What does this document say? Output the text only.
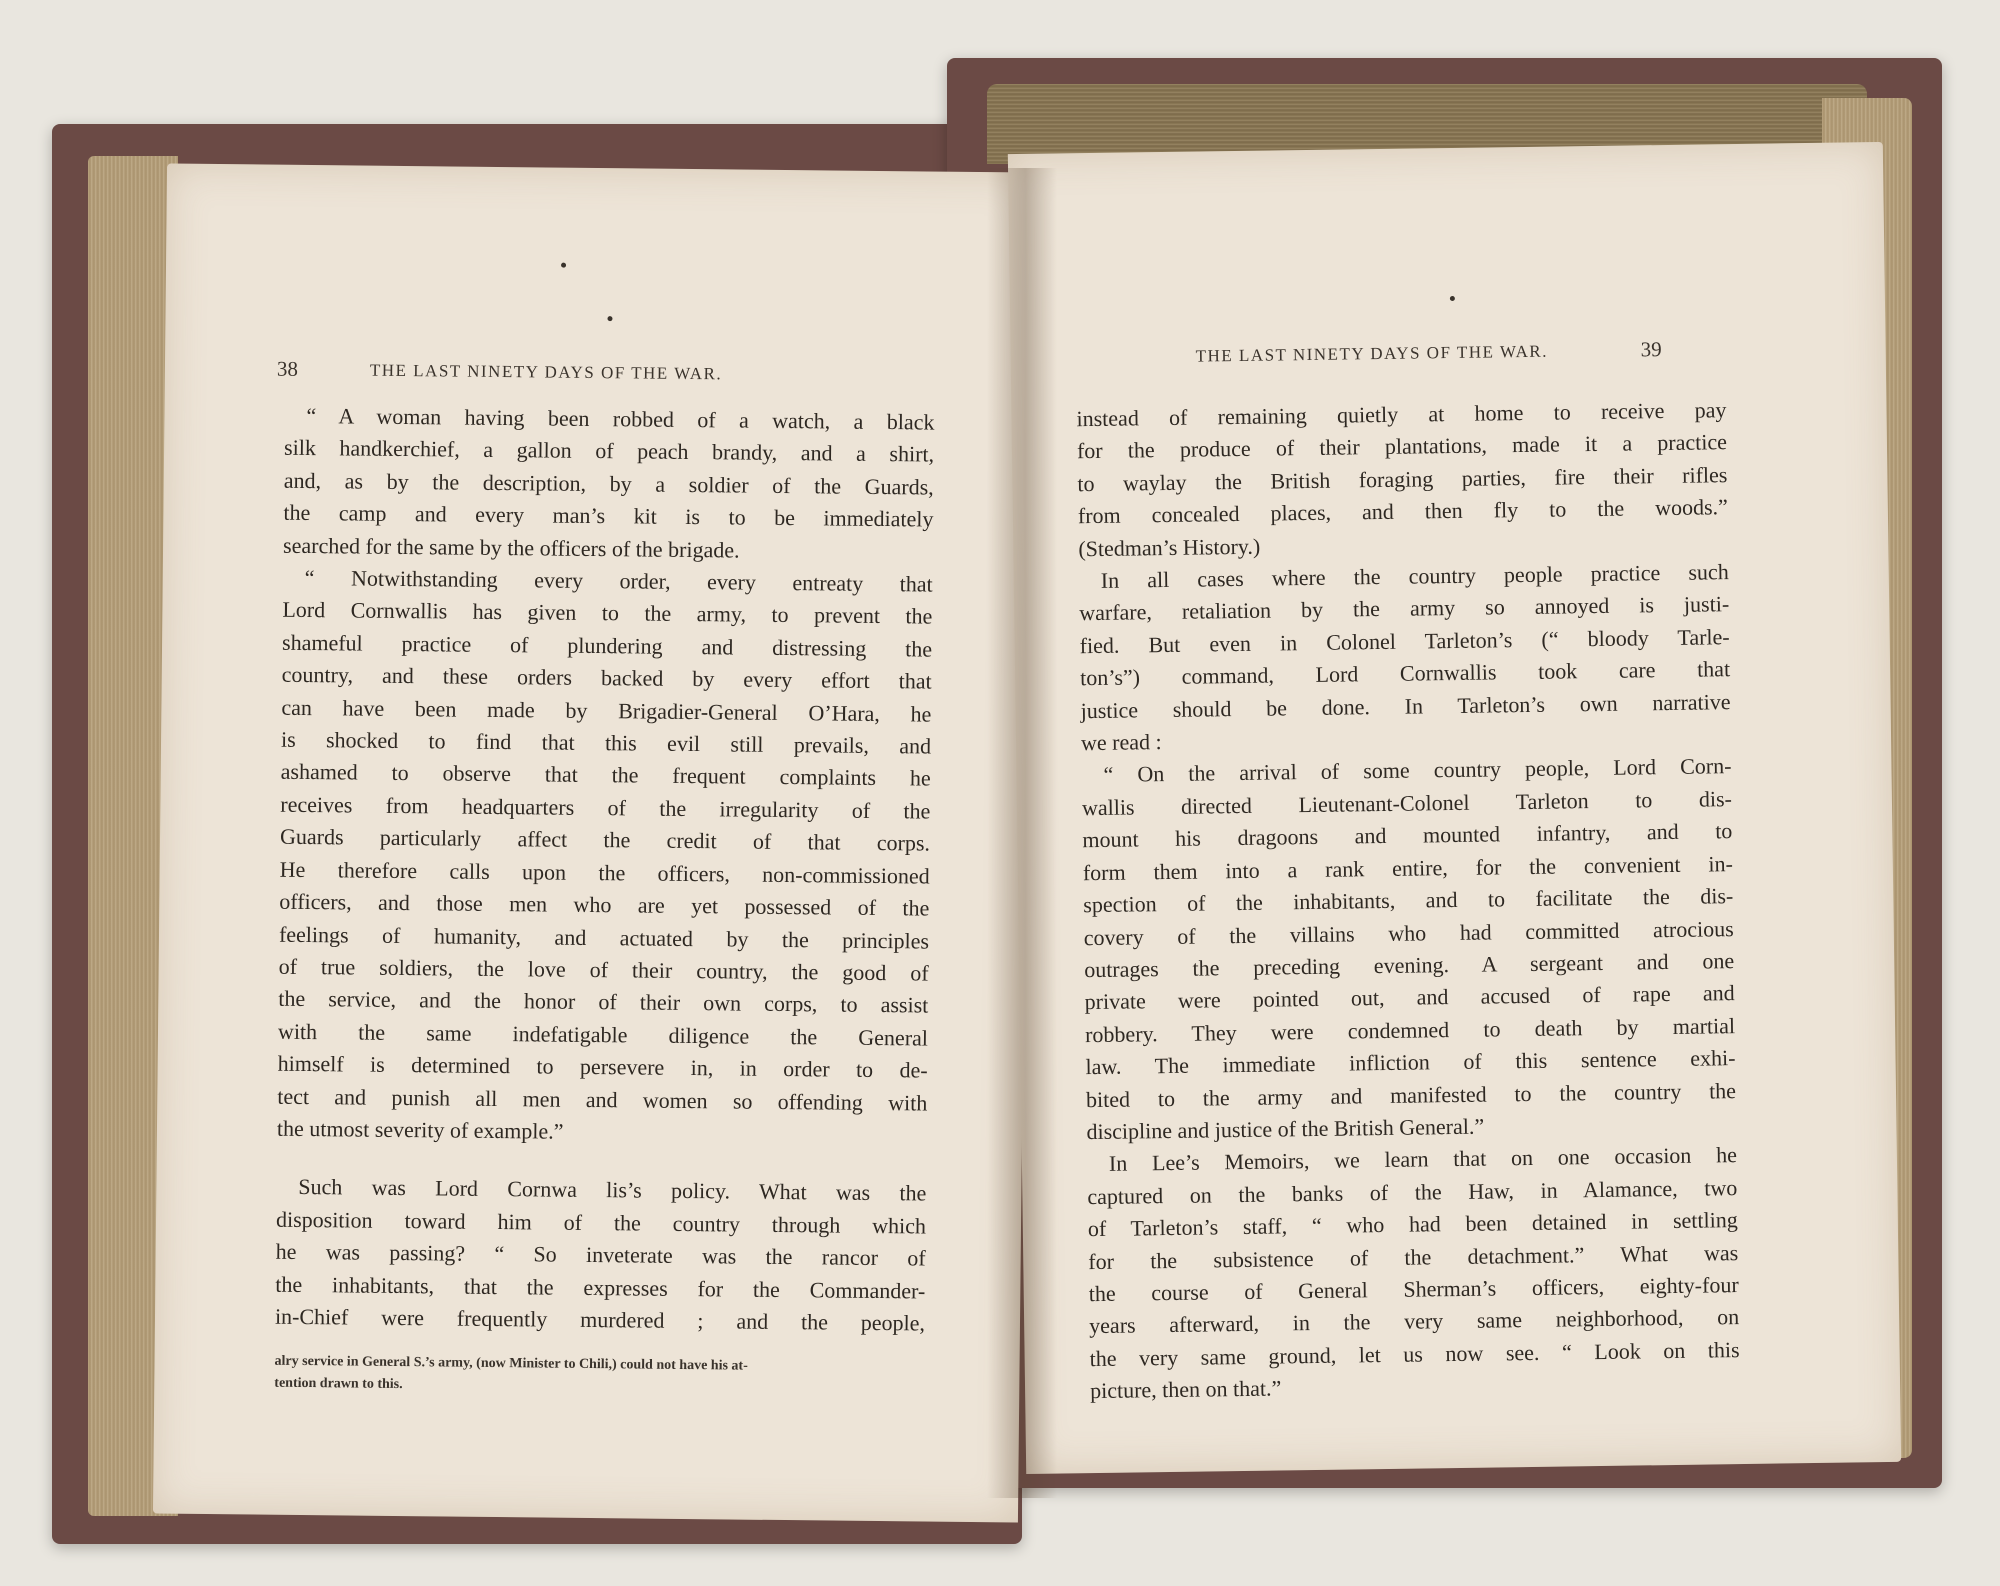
38	THE LAST NINETY DAYS OF THE WAR.
“ A woman having been robbed of a watch, a black
silk handkerchief, a gallon of peach brandy, and a shirt,
and, as by the description, by a soldier of the Guards,
the camp and every man’s kit is to be immediately
searched for the same by the officers of the brigade.
“ Notwithstanding every order, every entreaty that
Lord Cornwallis has given to the army, to prevent the
shameful practice of plundering and distressing the
country, and these orders backed by every effort that
can have been made by Brigadier-General O’Hara, he
is shocked to find that this evil still prevails, and
ashamed to observe that the frequent complaints he
receives from headquarters of the irregularity of the
Guards particularly affect the credit of that corps.
He therefore calls upon the officers, non-commissioned
officers, and those men who are yet possessed of the
feelings of humanity, and actuated by the principles
of true soldiers, the love of their country, the good of
the service, and the honor of their own corps, to assist
with the same indefatigable diligence the General
himself is determined to persevere in, in order to de-
tect and punish all men and women so offending with
the utmost severity of example.”
Such was Lord Cornwa lis’s policy. What was the
disposition toward him of the country through which
he was passing? “ So inveterate was the rancor of
the inhabitants, that the expresses for the Commander-
in-Chief were frequently murdered ; and the people,
alry service in General S.’s army, (now Minister to Chili,) could not have his at-
tention drawn to this.
THE LAST NINETY DAYS OF THE WAR.	39
instead of remaining quietly at home to receive pay
for the produce of their plantations, made it a practice
to waylay the British foraging parties, fire their rifles
from concealed places, and then fly to the woods.”
(Stedman’s History.)
In all cases where the country people practice such
warfare, retaliation by the army so annoyed is justi-
fied. But even in Colonel Tarleton’s (“ bloody Tarle-
ton’s”) command, Lord Cornwallis took care that
justice should be done. In Tarleton’s own narrative
we read :
“ On the arrival of some country people, Lord Corn-
wallis directed Lieutenant-Colonel Tarleton to dis-
mount his dragoons and mounted infantry, and to
form them into a rank entire, for the convenient in-
spection of the inhabitants, and to facilitate the dis-
covery of the villains who had committed atrocious
outrages the preceding evening. A sergeant and one
private were pointed out, and accused of rape and
robbery. They were condemned to death by martial
law. The immediate infliction of this sentence exhi-
bited to the army and manifested to the country the
discipline and justice of the British General.”
In Lee’s Memoirs, we learn that on one occasion he
captured on the banks of the Haw, in Alamance, two
of Tarleton’s staff, “ who had been detained in settling
for the subsistence of the detachment.” What was
the course of General Sherman’s officers, eighty-four
years afterward, in the very same neighborhood, on
the very same ground, let us now see. “ Look on this
picture, then on that.”
